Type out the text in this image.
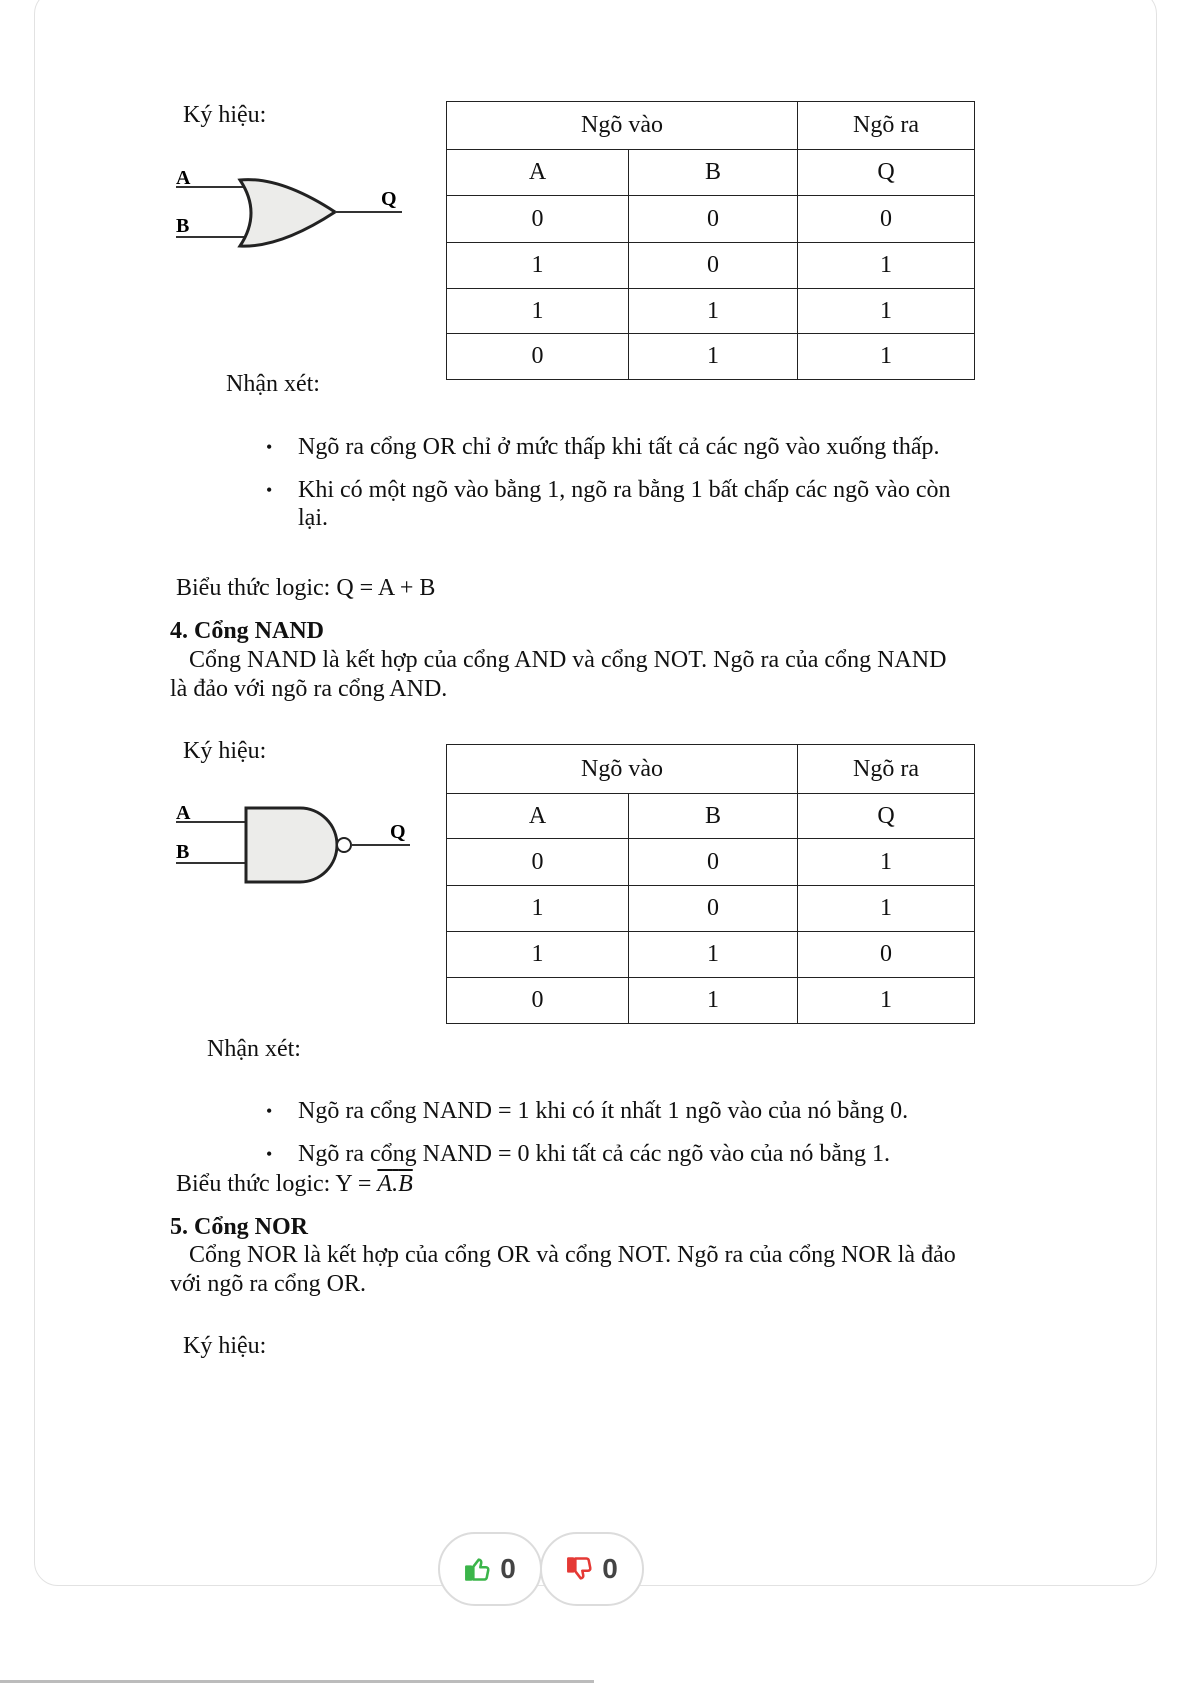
Ký hiệu:
A
B
Q
Ngõ vào		Ngõ ra
A	B	Q
0	0	0
1	0	1
1	1	1
0	1	1
Nhận xét:
• Ngõ ra cổng OR chỉ ở mức thấp khi tất cả các ngõ vào xuống thấp.
• Khi có một ngõ vào bằng 1, ngõ ra bằng 1 bất chấp các ngõ vào còn
lại.
Biểu thức logic: Q = A + B
4. Cổng NAND
Cổng NAND là kết hợp của cổng AND và cổng NOT. Ngõ ra của cổng NAND
là đảo với ngõ ra cổng AND.
Ký hiệu:
A
B
Q
Ngõ vào		Ngõ ra
A	B	Q
0	0	1
1	0	1
1	1	0
0	1	1
Nhận xét:
• Ngõ ra cổng NAND = 1 khi có ít nhất 1 ngõ vào của nó bằng 0.
• Ngõ ra cổng NAND = 0 khi tất cả các ngõ vào của nó bằng 1.
Biểu thức logic: $Y = \overline{A}.\overline{B}$
5. Cổng NOR
Cổng NOR là kết hợp của cổng OR và cổng NOT. Ngõ ra của cổng NOR là đảo
với ngõ ra cổng OR.
Ký hiệu:
0	0
